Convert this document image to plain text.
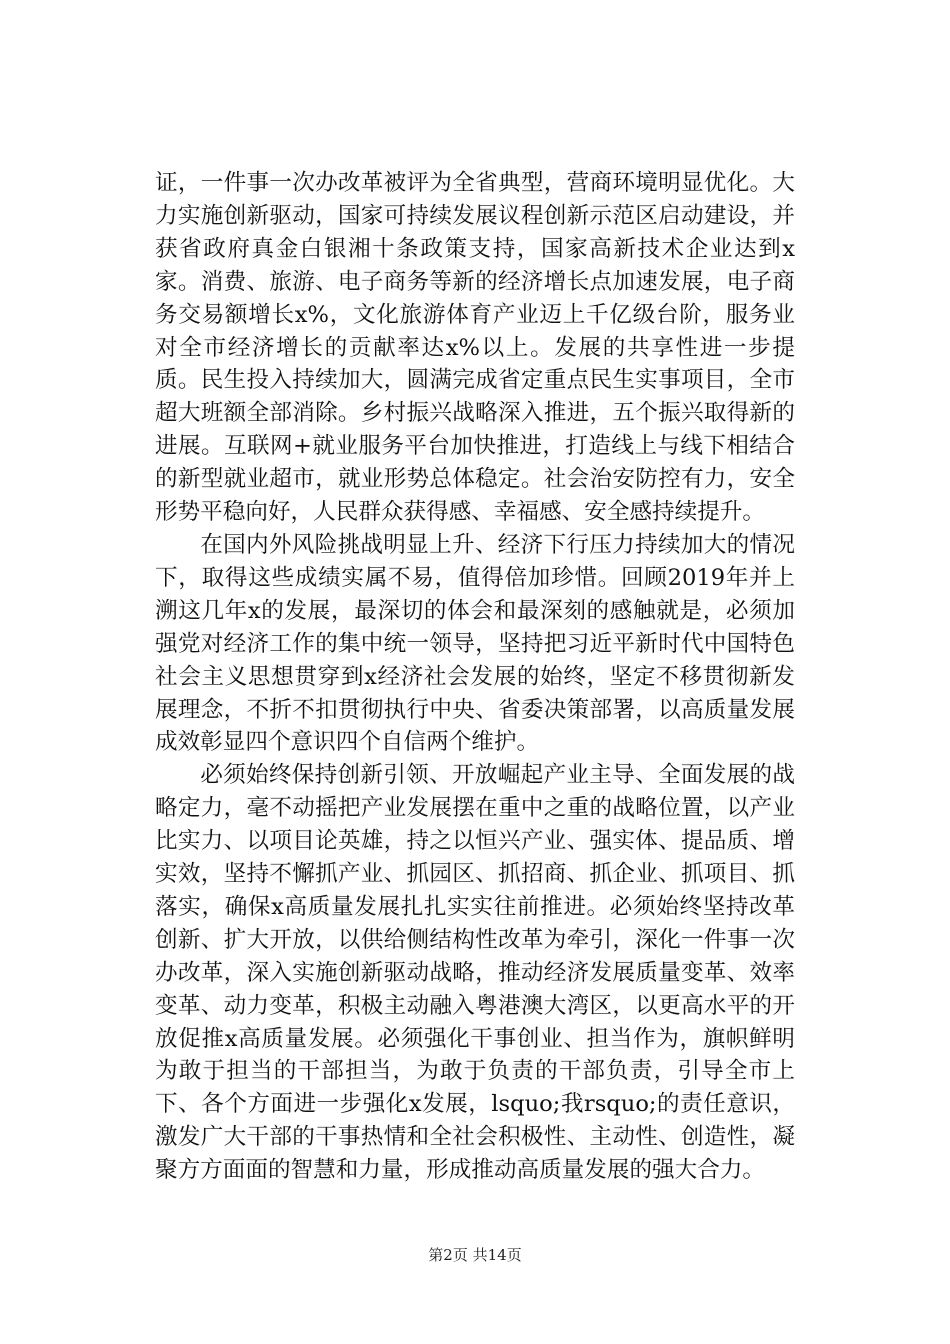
证，一件事一次办改革被评为全省典型，营商环境明显优化。大力实施创新驱动，国家可持续发展议程创新示范区启动建设，并获省政府真金白银湘十条政策支持，国家高新技术企业达到x家。消费、旅游、电子商务等新的经济增长点加速发展，电子商务交易额增长x%，文化旅游体育产业迈上千亿级台阶，服务业对全市经济增长的贡献率达x%以上。发展的共享性进一步提质。民生投入持续加大，圆满完成省定重点民生实事项目，全市超大班额全部消除。乡村振兴战略深入推进，五个振兴取得新的进展。互联网+就业服务平台加快推进，打造线上与线下相结合的新型就业超市，就业形势总体稳定。社会治安防控有力，安全形势平稳向好，人民群众获得感、幸福感、安全感持续提升。

在国内外风险挑战明显上升、经济下行压力持续加大的情况下，取得这些成绩实属不易，值得倍加珍惜。回顾2019年并上溯这几年x的发展，最深切的体会和最深刻的感触就是，必须加强党对经济工作的集中统一领导，坚持把习近平新时代中国特色社会主义思想贯穿到x经济社会发展的始终，坚定不移贯彻新发展理念，不折不扣贯彻执行中央、省委决策部署，以高质量发展成效彰显四个意识四个自信两个维护。

必须始终保持创新引领、开放崛起产业主导、全面发展的战略定力，毫不动摇把产业发展摆在重中之重的战略位置，以产业比实力、以项目论英雄，持之以恒兴产业、强实体、提品质、增实效，坚持不懈抓产业、抓园区、抓招商、抓企业、抓项目、抓落实，确保x高质量发展扎扎实实往前推进。必须始终坚持改革创新、扩大开放，以供给侧结构性改革为牵引，深化一件事一次办改革，深入实施创新驱动战略，推动经济发展质量变革、效率变革、动力变革，积极主动融入粤港澳大湾区，以更高水平的开放促推x高质量发展。必须强化干事创业、担当作为，旗帜鲜明为敢于担当的干部担当，为敢于负责的干部负责，引导全市上下、各个方面进一步强化x发展，lsquo;我rsquo;的责任意识，激发广大干部的干事热情和全社会积极性、主动性、创造性，凝聚方方面面的智慧和力量，形成推动高质量发展的强大合力。

第2页 共14页
